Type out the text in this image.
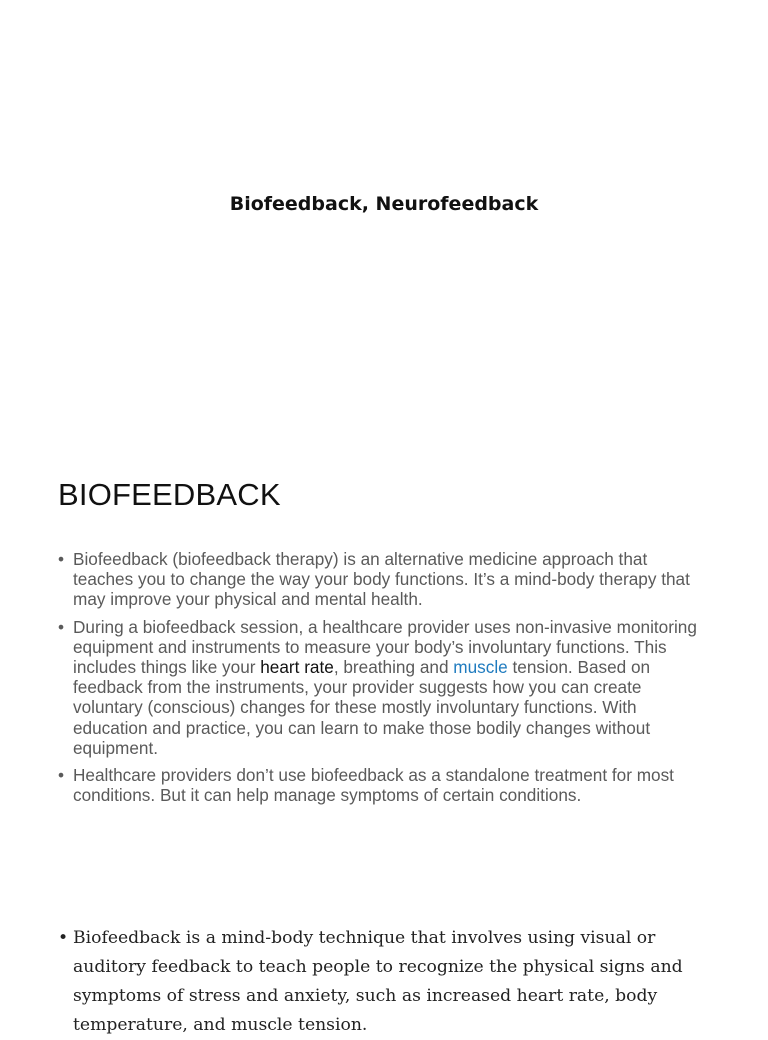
Biofeedback, Neurofeedback
BIOFEEDBACK
• Biofeedback (biofeedback therapy) is an alternative medicine approach that teaches you to change the way your body functions. It’s a mind-body therapy that may improve your physical and mental health.
• During a biofeedback session, a healthcare provider uses non-invasive monitoring equipment and instruments to measure your body’s involuntary functions. This includes things like your heart rate, breathing and muscle tension. Based on feedback from the instruments, your provider suggests how you can create voluntary (conscious) changes for these mostly involuntary functions. With education and practice, you can learn to make those bodily changes without equipment.
• Healthcare providers don’t use biofeedback as a standalone treatment for most conditions. But it can help manage symptoms of certain conditions.
• Biofeedback is a mind-body technique that involves using visual or auditory feedback to teach people to recognize the physical signs and symptoms of stress and anxiety, such as increased heart rate, body temperature, and muscle tension.
